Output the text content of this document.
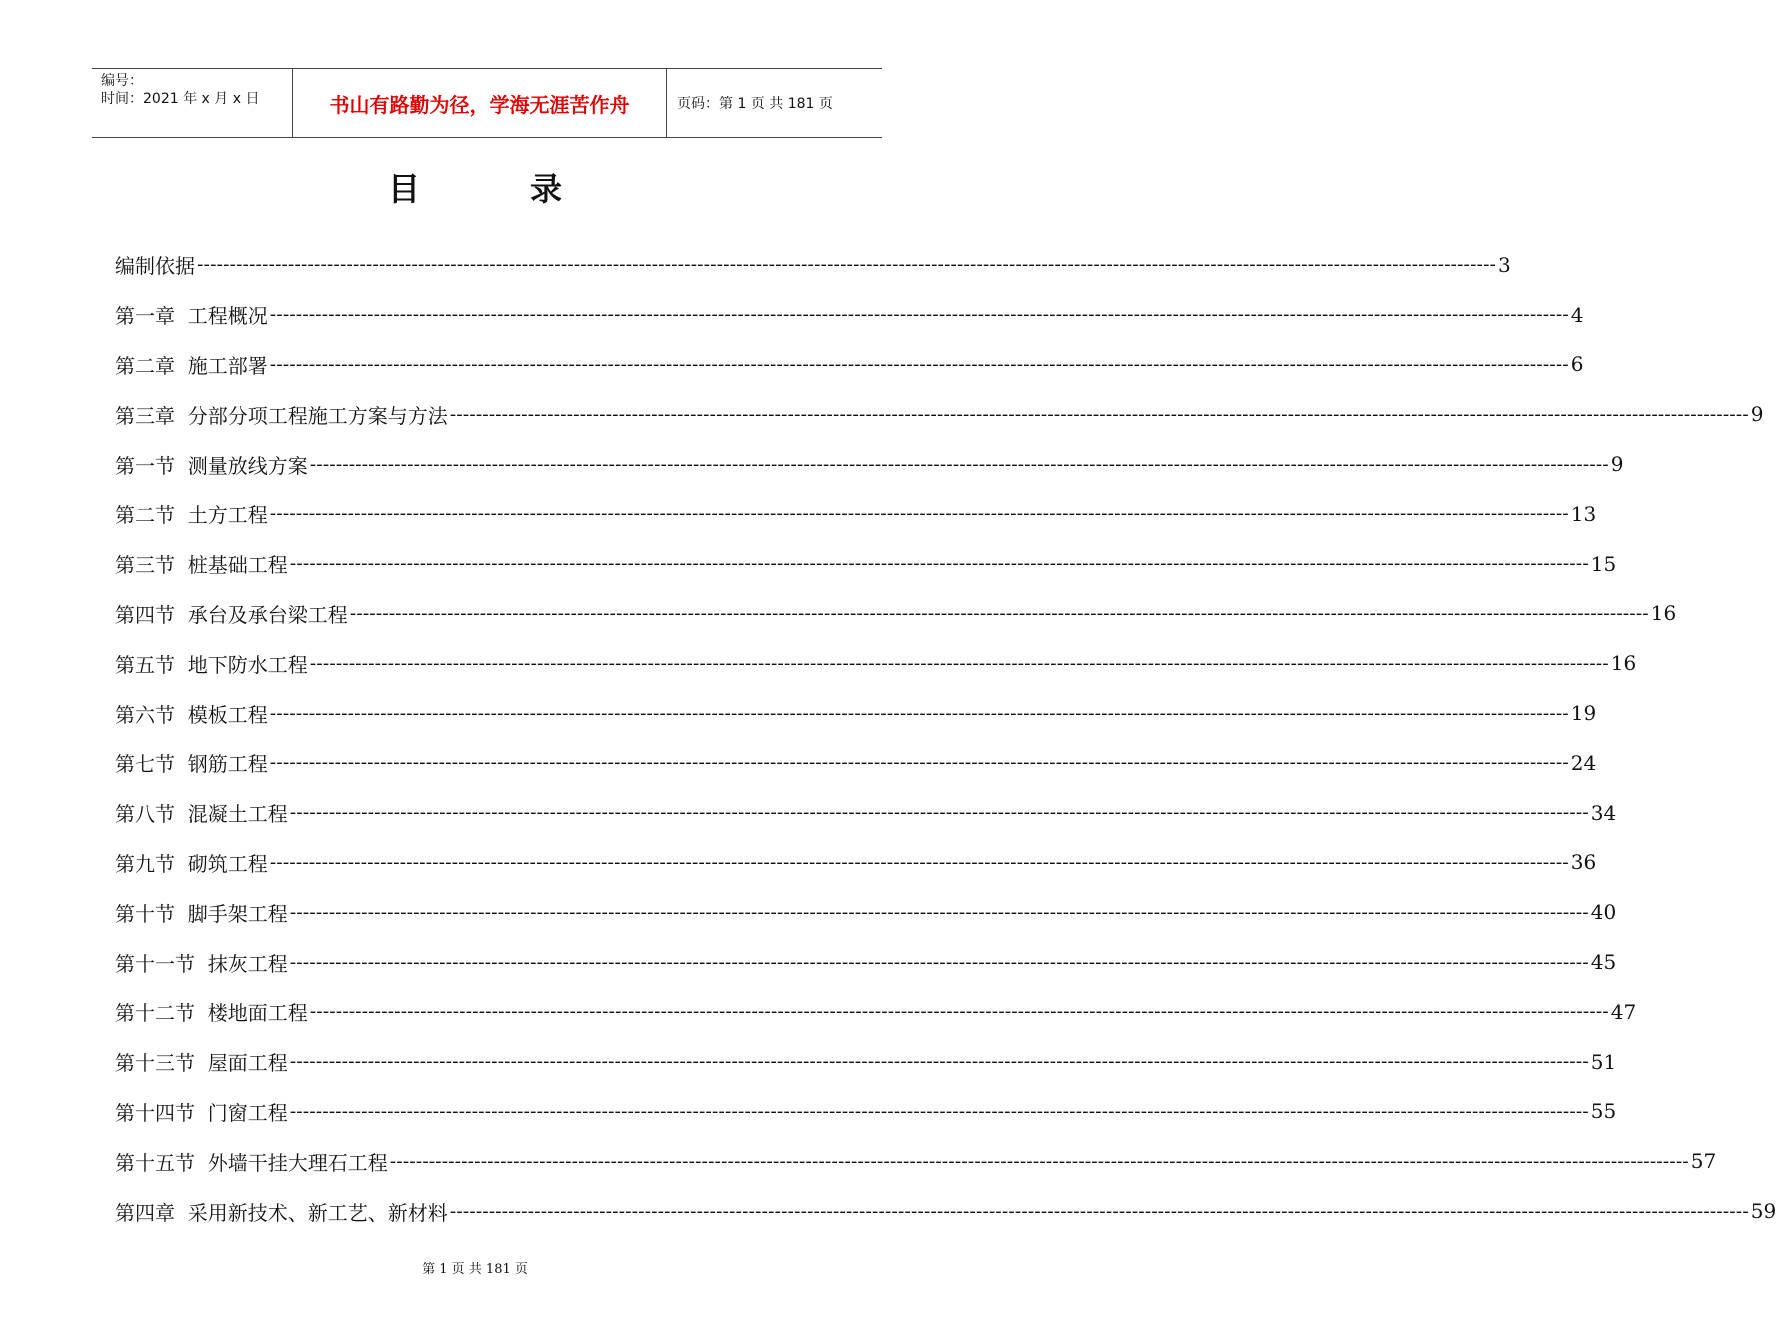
编号：
时间：2021 年 x 月 x 日	书山有路勤为径，学海无涯苦作舟	页码：第 1 页 共 181 页
目	录
编制依据 -------------------------------------------------------------------------------------------------------------------------------------------------------------------------------------------------------- 3
第一章  工程概况 -------------------------------------------------------------------------------------------------------------------------------------------------------------------------------------------------------- 4
第二章  施工部署 -------------------------------------------------------------------------------------------------------------------------------------------------------------------------------------------------------- 6
第三章  分部分项工程施工方案与方法 -------------------------------------------------------------------------------------------------------------------------------------------------------------------------------------------------------- 9
第一节  测量放线方案 -------------------------------------------------------------------------------------------------------------------------------------------------------------------------------------------------------- 9
第二节  土方工程 -------------------------------------------------------------------------------------------------------------------------------------------------------------------------------------------------------- 13
第三节  桩基础工程 -------------------------------------------------------------------------------------------------------------------------------------------------------------------------------------------------------- 15
第四节  承台及承台梁工程 -------------------------------------------------------------------------------------------------------------------------------------------------------------------------------------------------------- 16
第五节  地下防水工程 -------------------------------------------------------------------------------------------------------------------------------------------------------------------------------------------------------- 16
第六节  模板工程 -------------------------------------------------------------------------------------------------------------------------------------------------------------------------------------------------------- 19
第七节  钢筋工程 -------------------------------------------------------------------------------------------------------------------------------------------------------------------------------------------------------- 24
第八节  混凝土工程 -------------------------------------------------------------------------------------------------------------------------------------------------------------------------------------------------------- 34
第九节  砌筑工程 -------------------------------------------------------------------------------------------------------------------------------------------------------------------------------------------------------- 36
第十节  脚手架工程 -------------------------------------------------------------------------------------------------------------------------------------------------------------------------------------------------------- 40
第十一节  抹灰工程 -------------------------------------------------------------------------------------------------------------------------------------------------------------------------------------------------------- 45
第十二节  楼地面工程 -------------------------------------------------------------------------------------------------------------------------------------------------------------------------------------------------------- 47
第十三节  屋面工程 -------------------------------------------------------------------------------------------------------------------------------------------------------------------------------------------------------- 51
第十四节  门窗工程 -------------------------------------------------------------------------------------------------------------------------------------------------------------------------------------------------------- 55
第十五节  外墙干挂大理石工程 -------------------------------------------------------------------------------------------------------------------------------------------------------------------------------------------------------- 57
第四章  采用新技术、新工艺、新材料 -------------------------------------------------------------------------------------------------------------------------------------------------------------------------------------------------------- 59
第 1 页 共 181 页
